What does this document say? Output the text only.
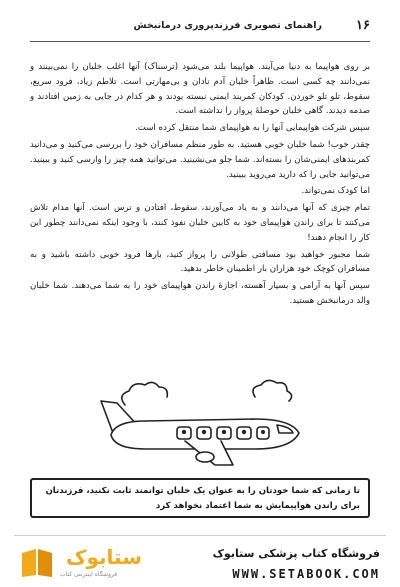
۱۶
راهنمای تصویری فرزندپروری درمانبخش

بر روی هواپیما به دنیا می‌آیند. هواپیما بلند می‌شود (ترسناک) آنها اغلب خلبان را نمی‌بینند و نمی‌دانند چه کسی است. ظاهراً خلبان آدم نادان و بی‌مهارتی است. تلاطم زیاد، فرود سریع، سقوط، تلو تلو خوردن. کودکان کمربند ایمنی نبسته بودند و هر کدام در جایی به زمین افتادند و صدمه دیدند. گاهی خلبان حوصلهٔ پرواز را نداشته است.

سپس شرکت هواپیمایی آنها را به هواپیمای شما منتقل کرده است.

چقدر خوب! شما خلبان خوبی هستید. به طور منظم مسافران خود را بررسی می‌کنید و می‌دانید کمربندهای ایمنی‌شان را بسته‌اند. شما جلو می‌نشینید. می‌توانید همه چیز را وارسی کنید و ببینید. می‌توانید جایی را که دارید می‌روید ببینید.

اما کودک نمی‌تواند.

تمام چیزی که آنها می‌دانند و به یاد می‌آورند، سقوط، افتادن و ترس است. آنها مدام تلاش می‌کنند تا برای راندن هواپیمای خود به کابین خلبان نفوذ کنند، با وجود اینکه نمی‌دانند چطور این کار را انجام دهند!

شما مجبور خواهید بود مسافتی طولانی را پرواز کنید، بارها فرود خوبی داشته باشید و به مسافران کوچک خود هزاران بار اطمینان خاطر بدهید.

سپس آنها به آرامی و بسیار آهسته، اجازهٔ راندن هواپیمای خود را به شما می‌دهند. شما خلبان والد درمانبخش هستید.

تا زمانی که شما خودتان را به عنوان یک خلبان توانمند ثابت نکنید، فرزندتان برای راندن هواپیمایش به شما اعتماد نخواهد کرد
ستابوک
فروشگاه اینترنتی کتاب
فروشگاه کتاب پزشکی ستابوک
WWW.SETABOOK.COM
